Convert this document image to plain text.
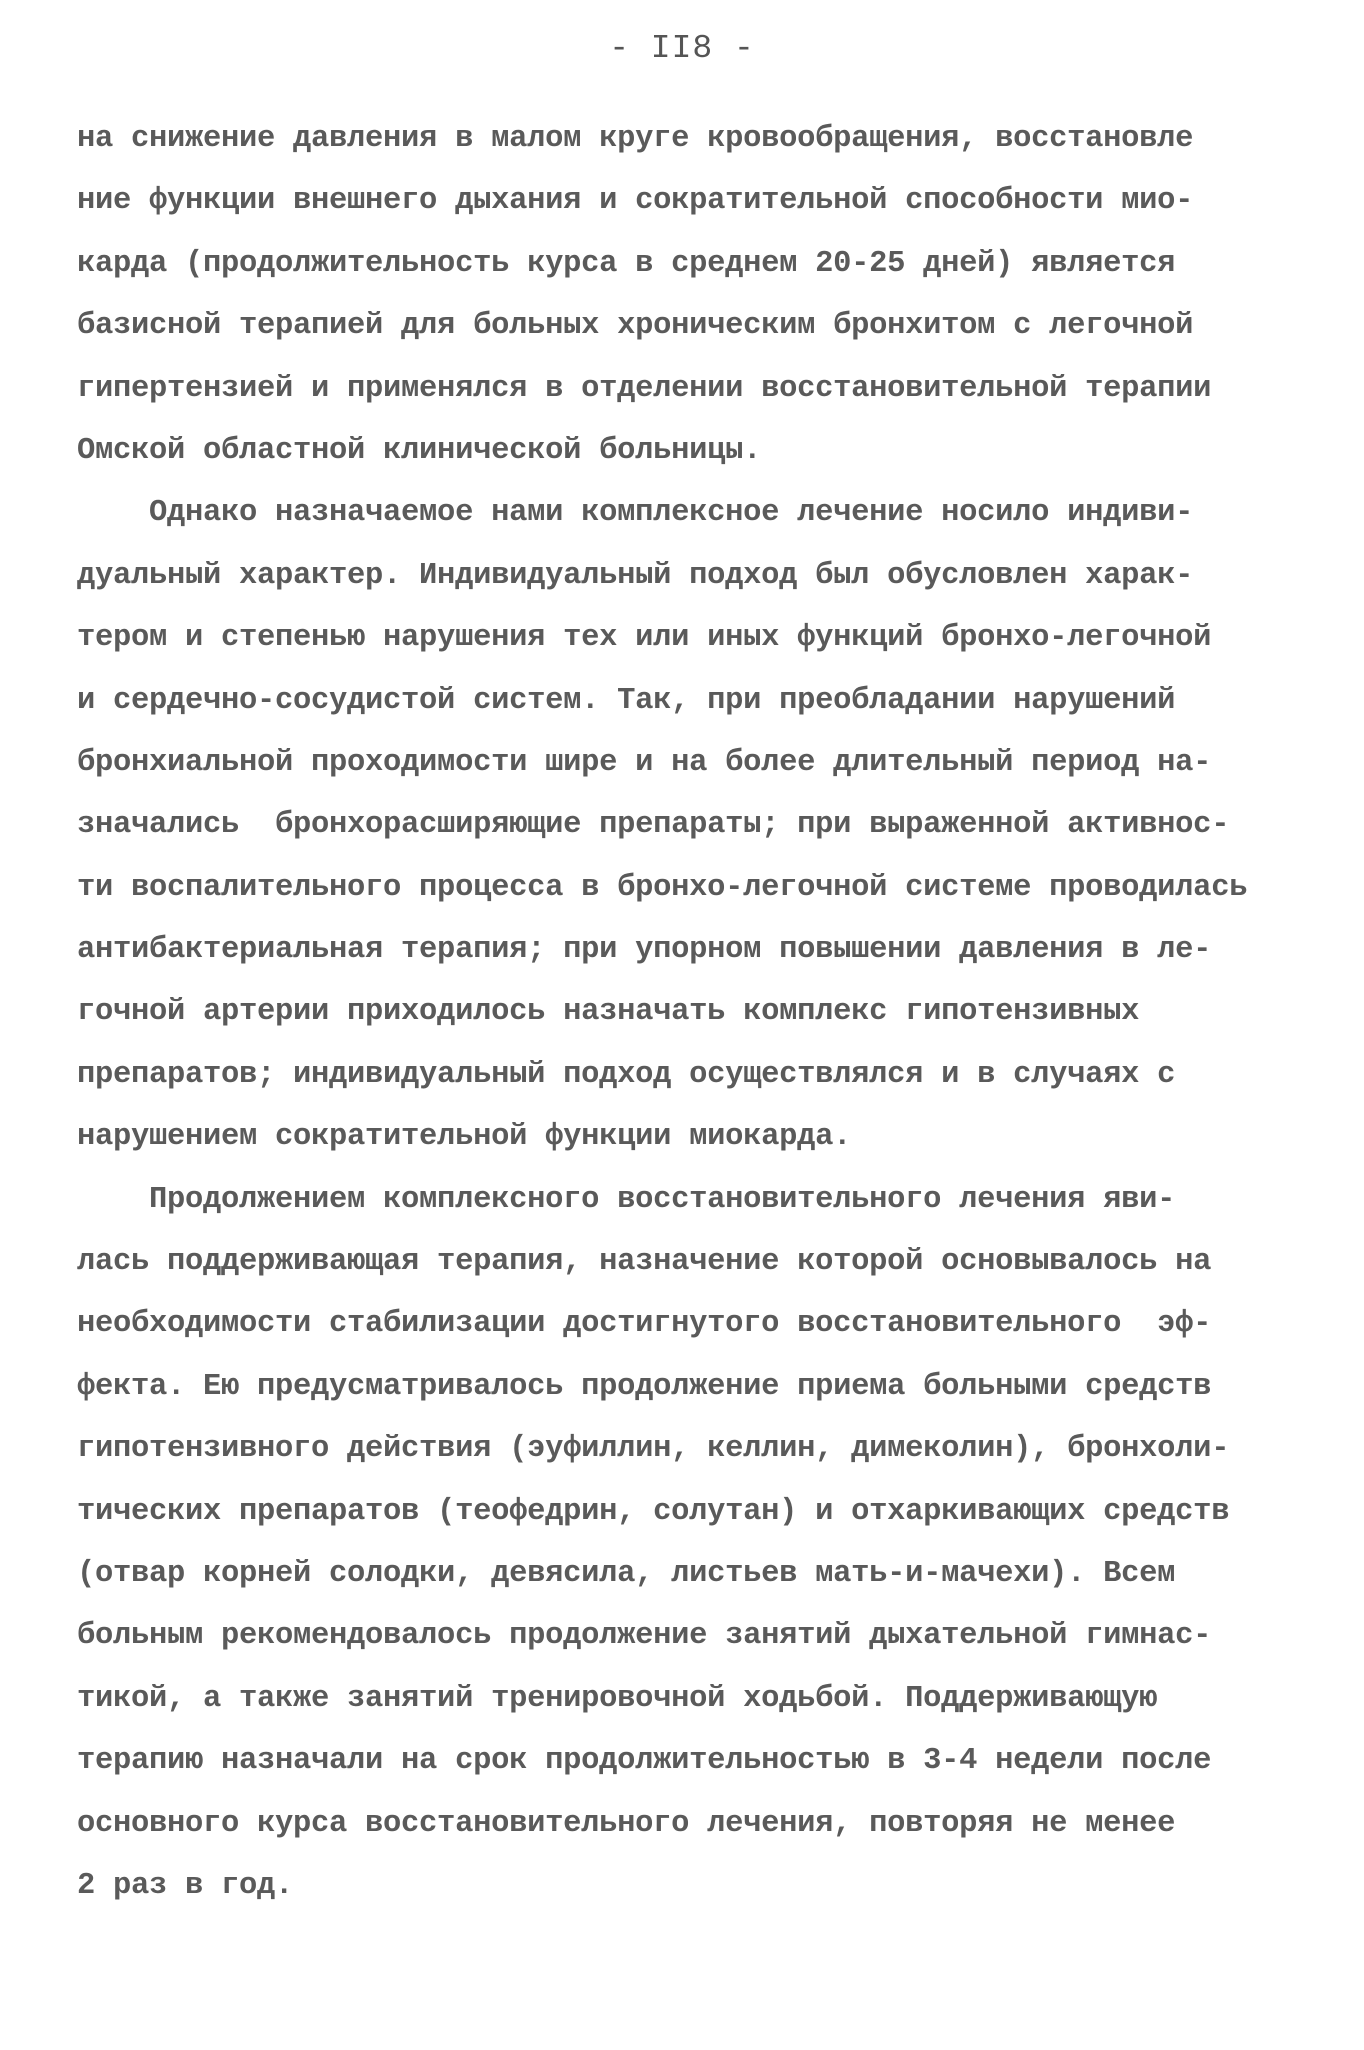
- II8 -
на снижение давления в малом круге кровообращения, восстановле
ние функции внешнего дыхания и сократительной способности мио-
карда (продолжительность курса в среднем 20-25 дней) является
базисной терапией для больных хроническим бронхитом с легочной
гипертензией и применялся в отделении восстановительной терапии
Омской областной клинической больницы.
Однако назначаемое нами комплексное лечение носило индиви-
дуальный характер. Индивидуальный подход был обусловлен харак-
тером и степенью нарушения тех или иных функций бронхо-легочной
и сердечно-сосудистой систем. Так, при преобладании нарушений
бронхиальной проходимости шире и на более длительный период на-
значались  бронхорасширяющие препараты; при выраженной активнос-
ти воспалительного процесса в бронхо-легочной системе проводилась
антибактериальная терапия; при упорном повышении давления в ле-
гочной артерии приходилось назначать комплекс гипотензивных
препаратов; индивидуальный подход осуществлялся и в случаях с
нарушением сократительной функции миокарда.
Продолжением комплексного восстановительного лечения яви-
лась поддерживающая терапия, назначение которой основывалось на
необходимости стабилизации достигнутого восстановительного  эф-
фекта. Ею предусматривалось продолжение приема больными средств
гипотензивного действия (эуфиллин, келлин, димеколин), бронхоли-
тических препаратов (теофедрин, солутан) и отхаркивающих средств
(отвар корней солодки, девясила, листьев мать-и-мачехи). Всем
больным рекомендовалось продолжение занятий дыхательной гимнас-
тикой, а также занятий тренировочной ходьбой. Поддерживающую
терапию назначали на срок продолжительностью в 3-4 недели после
основного курса восстановительного лечения, повторяя не менее
2 раз в год.
